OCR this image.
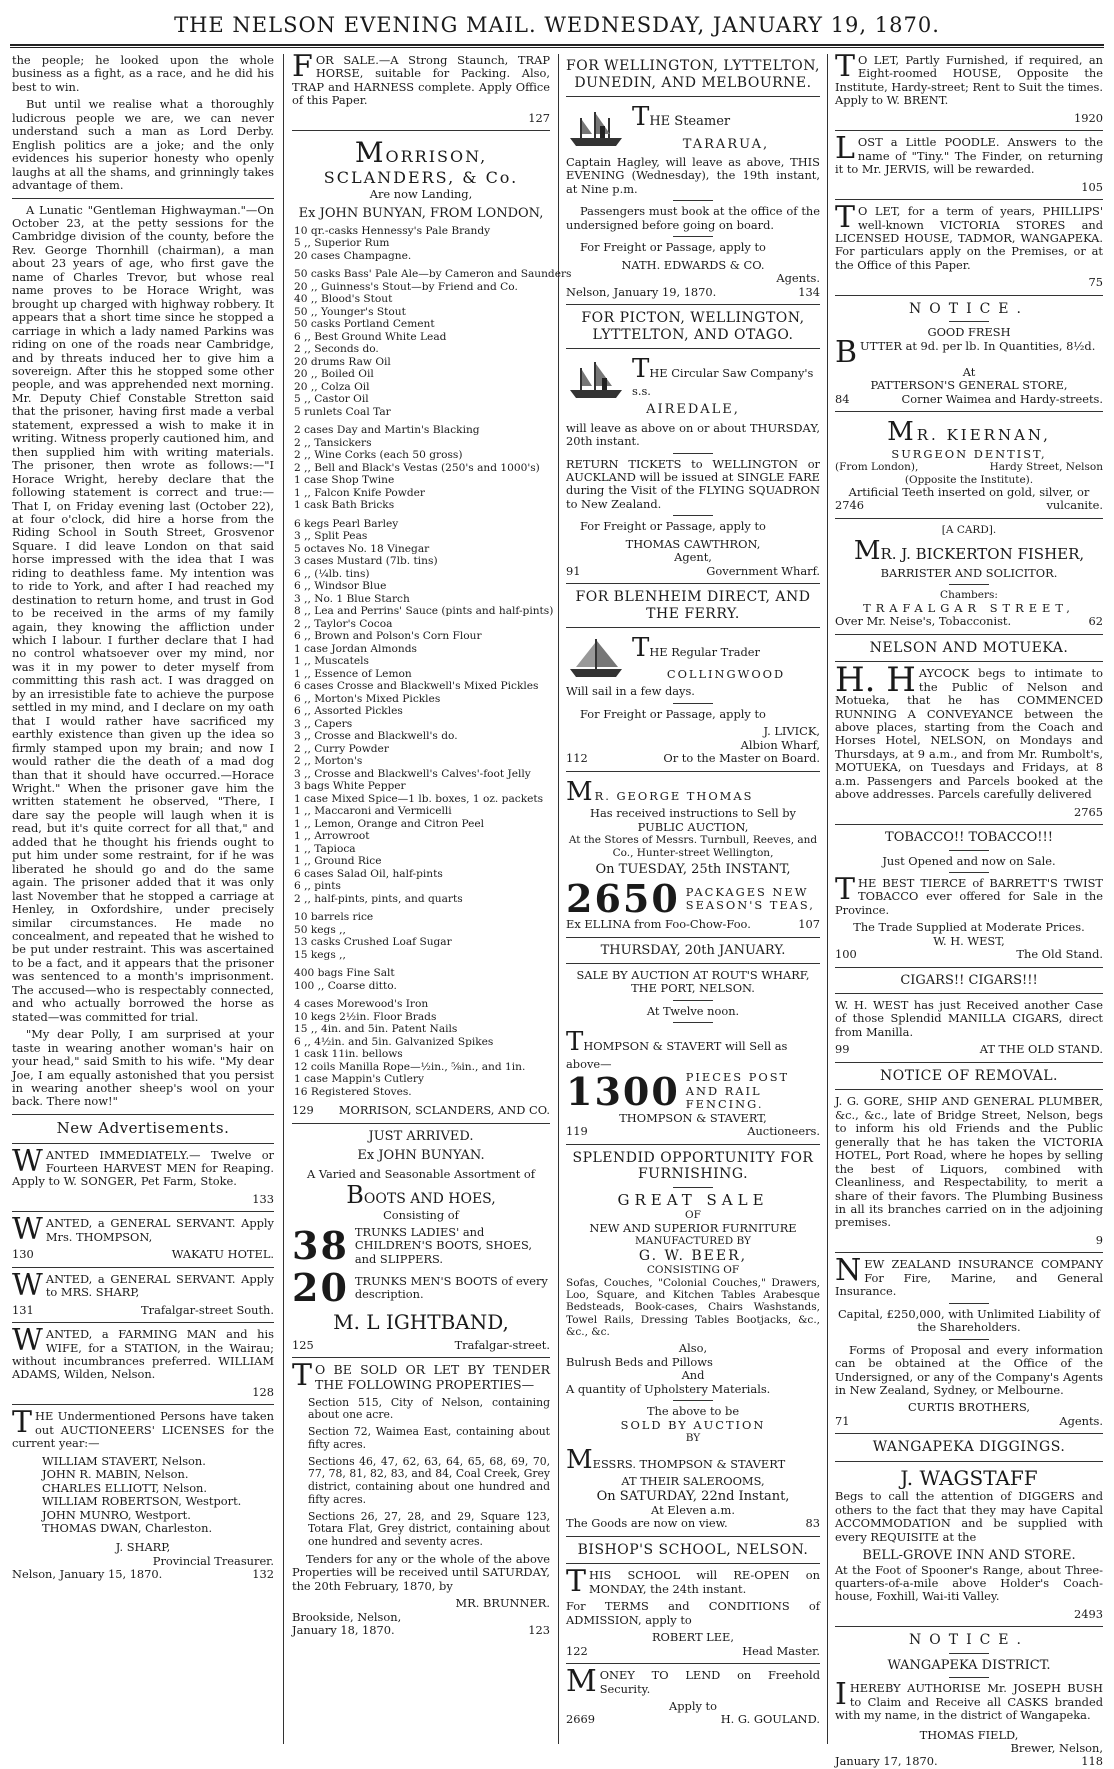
THE NELSON EVENING MAIL. WEDNESDAY, JANUARY 19, 1870.

the people; he looked upon the whole business as a fight, as a race, and he did his best to win.

But until we realise what a thoroughly ludicrous people we are, we can never understand such a man as Lord Derby. English politics are a joke; and the only evidences his superior honesty who openly laughs at all the shams, and grinningly takes advantage of them.

A Lunatic "Gentleman Highwayman."—On October 23, at the petty sessions for the Cambridge division of the county, before the Rev. George Thornhill (chairman), a man about 23 years of age, who first gave the name of Charles Trevor, but whose real name proves to be Horace Wright, was brought up charged with highway robbery. It appears that a short time since he stopped a carriage in which a lady named Parkins was riding on one of the roads near Cambridge, and by threats induced her to give him a sovereign. After this he stopped some other people, and was apprehended next morning. Mr. Deputy Chief Constable Stretton said that the prisoner, having first made a verbal statement, expressed a wish to make it in writing. Witness properly cautioned him, and then supplied him with writing materials. The prisoner, then wrote as follows:—"I Horace Wright, hereby declare that the following statement is correct and true:—That I, on Friday evening last (October 22), at four o'clock, did hire a horse from the Riding School in South Street, Grosvenor Square. I did leave London on that said horse impressed with the idea that I was riding to deathless fame. My intention was to ride to York, and after I had reached my destination to return home, and trust in God to be received in the arms of my family again, they knowing the affliction under which I labour. I further declare that I had no control whatsoever over my mind, nor was it in my power to deter myself from committing this rash act. I was dragged on by an irresistible fate to achieve the purpose settled in my mind, and I declare on my oath that I would rather have sacrificed my earthly existence than given up the idea so firmly stamped upon my brain; and now I would rather die the death of a mad dog than that it should have occurred.—Horace Wright." When the prisoner gave him the written statement he observed, "There, I dare say the people will laugh when it is read, but it's quite correct for all that," and added that he thought his friends ought to put him under some restraint, for if he was liberated he should go and do the same again. The prisoner added that it was only last November that he stopped a carriage at Henley, in Oxfordshire, under precisely similar circumstances. He made no concealment, and repeated that he wished to be put under restraint. This was ascertained to be a fact, and it appears that the prisoner was sentenced to a month's imprisonment. The accused—who is respectably connected, and who actually borrowed the horse as stated—was committed for trial.

"My dear Polly, I am surprised at your taste in wearing another woman's hair on your head," said Smith to his wife. "My dear Joe, I am equally astonished that you persist in wearing another sheep's wool on your back. There now!"

New Advertisements.
W ANTED IMMEDIATELY.— Twelve or Fourteen HARVEST MEN for Reaping. Apply to W. SONGER, Pet Farm, Stoke.

133
W ANTED, a GENERAL SERVANT. Apply Mrs. THOMPSON,

130	WAKATU HOTEL.
W ANTED, a GENERAL SERVANT. Apply to MRS. SHARP,

131	Trafalgar-street South.
W ANTED, a FARMING MAN and his WIFE, for a STATION, in the Wairau; without incumbrances preferred. WILLIAM ADAMS, Wilden, Nelson.

128
T HE Undermentioned Persons have taken out AUCTIONEERS' LICENSES for the current year:—

WILLIAM STAVERT, Nelson.
JOHN R. MABIN, Nelson.
CHARLES ELLIOTT, Nelson.
WILLIAM ROBERTSON, Westport.
JOHN MUNRO, Westport.
THOMAS DWAN, Charleston.
J. SHARP,
Provincial Treasurer.
Nelson, January 15, 1870.	132
F OR SALE.—A Strong Staunch, TRAP HORSE, suitable for Packing. Also, TRAP and HARNESS complete. Apply Office of this Paper.

127
MORRISON, SCLANDERS, & Co.
Are now Landing,
Ex JOHN BUNYAN, FROM LONDON,
10 qr.-casks Hennessy's Pale Brandy
5 ,, Superior Rum
20 cases Champagne.
50 casks Bass' Pale Ale—by Cameron and Saunders
20 ,, Guinness's Stout—by Friend and Co.
40 ,, Blood's Stout
50 ,, Younger's Stout
50 casks Portland Cement
6 ,, Best Ground White Lead
2 ,, Seconds do.
20 drums Raw Oil
20 ,, Boiled Oil
20 ,, Colza Oil
5 ,, Castor Oil
5 runlets Coal Tar
2 cases Day and Martin's Blacking
2 ,, Tansickers
2 ,, Wine Corks (each 50 gross)
2 ,, Bell and Black's Vestas (250's and 1000's)
1 case Shop Twine
1 ,, Falcon Knife Powder
1 cask Bath Bricks
6 kegs Pearl Barley
3 ,, Split Peas
5 octaves No. 18 Vinegar
3 cases Mustard (7lb. tins)
6 ,, (¼lb. tins)
6 ,, Windsor Blue
3 ,, No. 1 Blue Starch
8 ,, Lea and Perrins' Sauce (pints and half-pints)
2 ,, Taylor's Cocoa
6 ,, Brown and Polson's Corn Flour
1 case Jordan Almonds
1 ,, Muscatels
1 ,, Essence of Lemon
6 cases Crosse and Blackwell's Mixed Pickles
6 ,, Morton's Mixed Pickles
6 ,, Assorted Pickles
3 ,, Capers
3 ,, Crosse and Blackwell's do.
2 ,, Curry Powder
2 ,, Morton's
3 ,, Crosse and Blackwell's Calves'-foot Jelly
3 bags White Pepper
1 case Mixed Spice—1 lb. boxes, 1 oz. packets
1 ,, Maccaroni and Vermicelli
1 ,, Lemon, Orange and Citron Peel
1 ,, Arrowroot
1 ,, Tapioca
1 ,, Ground Rice
6 cases Salad Oil, half-pints
6 ,, pints
2 ,, half-pints, pints, and quarts
10 barrels rice
50 kegs ,,
13 casks Crushed Loaf Sugar
15 kegs ,,
400 bags Fine Salt
100 ,, Coarse ditto.
4 cases Morewood's Iron
10 kegs 2½in. Floor Brads
15 ,, 4in. and 5in. Patent Nails
6 ,, 4½in. and 5in. Galvanized Spikes
1 cask 11in. bellows
12 coils Manilla Rope—½in., ⅝in., and 1in.
1 case Mappin's Cutlery
16 Registered Stoves.
129 MORRISON, SCLANDERS, AND CO.
JUST ARRIVED.
Ex JOHN BUNYAN.
A Varied and Seasonable Assortment of
BOOTS AND HOES,
Consisting of
38 TRUNKS LADIES' and CHILDREN'S BOOTS, SHOES, and SLIPPERS.
20 TRUNKS MEN'S BOOTS of every description.
M. L IGHTBAND,
125	Trafalgar-street.
T O BE SOLD OR LET BY TENDER THE FOLLOWING PROPERTIES—

Section 515, City of Nelson, containing about one acre.

Section 72, Waimea East, containing about fifty acres.

Sections 46, 47, 62, 63, 64, 65, 68, 69, 70, 77, 78, 81, 82, 83, and 84, Coal Creek, Grey district, containing about one hundred and fifty acres.

Sections 26, 27, 28, and 29, Square 123, Totara Flat, Grey district, containing about one hundred and seventy acres.

Tenders for any or the whole of the above Properties will be received until SATURDAY, the 20th February, 1870, by

MR. BRUNNER.
Brookside, Nelson,
January 18, 1870.	123
FOR WELLINGTON, LYTTELTON, DUNEDIN, AND MELBOURNE.
THE Steamer
TARARUA,

Captain Hagley, will leave as above, THIS EVENING (Wednesday), the 19th instant, at Nine p.m.

Passengers must book at the office of the undersigned before going on board.

For Freight or Passage, apply to

NATH. EDWARDS & CO.
Agents.
Nelson, January 19, 1870.	134
FOR PICTON, WELLINGTON, LYTTELTON, AND OTAGO.
THE Circular Saw Company's s.s.
AIREDALE,

will leave as above on or about THURSDAY, 20th instant.

RETURN TICKETS to WELLINGTON or AUCKLAND will be issued at SINGLE FARE during the Visit of the FLYING SQUADRON to New Zealand.

For Freight or Passage, apply to

THOMAS CAWTHRON,
Agent,
91	Government Wharf.
FOR BLENHEIM DIRECT, AND THE FERRY.
THE Regular Trader
COLLINGWOOD

Will sail in a few days.

For Freight or Passage, apply to

J. LIVICK,
Albion Wharf,
112	Or to the Master on Board.
MR. GEORGE THOMAS
Has received instructions to Sell by
PUBLIC AUCTION,
At the Stores of Messrs. Turnbull, Reeves, and Co., Hunter-street Wellington,
On TUESDAY, 25th INSTANT,
2650 PACKAGES NEW SEASON'S TEAS,
Ex ELLINA from Foo-Chow-Foo.	107
THURSDAY, 20th JANUARY.
SALE BY AUCTION AT ROUT'S WHARF, THE PORT, NELSON.
At Twelve noon.
THOMPSON & STAVERT will Sell as above—
1300 PIECES POST AND RAIL FENCING.
THOMPSON & STAVERT,
119	Auctioneers.
SPLENDID OPPORTUNITY FOR FURNISHING.
GREAT SALE
OF
NEW AND SUPERIOR FURNITURE
MANUFACTURED BY
G. W. BEER,
CONSISTING OF

Sofas, Couches, "Colonial Couches," Drawers, Loo, Square, and Kitchen Tables Arabesque Bedsteads, Book-cases, Chairs Washstands, Towel Rails, Dressing Tables Bootjacks, &c., &c., &c.

Also,
Bulrush Beds and Pillows
And
A quantity of Upholstery Materials.
The above to be
SOLD BY AUCTION
BY
MESSRS. THOMPSON & STAVERT
AT THEIR SALEROOMS,
On SATURDAY, 22nd Instant,
At Eleven a.m.
The Goods are now on view.	83
BISHOP'S SCHOOL, NELSON.
T HIS SCHOOL will RE-OPEN on MONDAY, the 24th instant.

For TERMS and CONDITIONS of ADMISSION, apply to

ROBERT LEE,
122	Head Master.
M ONEY TO LEND on Freehold Security.

Apply to
2669	H. G. GOULAND.
T O LET, Partly Furnished, if required, an Eight-roomed HOUSE, Opposite the Institute, Hardy-street; Rent to Suit the times. Apply to W. BRENT.

1920
L OST a Little POODLE. Answers to the name of "Tiny." The Finder, on returning it to Mr. JERVIS, will be rewarded.

105
T O LET, for a term of years, PHILLIPS' well-known VICTORIA STORES and LICENSED HOUSE, TADMOR, WANGAPEKA. For particulars apply on the Premises, or at the Office of this Paper.

75
NOTICE.
GOOD FRESH
B UTTER at 9d. per lb. In Quantities, 8½d.

At
PATTERSON'S GENERAL STORE,
84	Corner Waimea and Hardy-streets.
MR. KIERNAN,
SURGEON DENTIST,
(From London),	Hardy Street, Nelson
(Opposite the Institute).
Artificial Teeth inserted on gold, silver, or
2746	vulcanite.
[A CARD].
MR. J. BICKERTON FISHER,
BARRISTER AND SOLICITOR.
Chambers:
TRAFALGAR STREET,
Over Mr. Neise's, Tobacconist.	62
NELSON AND MOTUEKA.
H. H AYCOCK begs to intimate to the Public of Nelson and Motueka, that he has COMMENCED RUNNING A CONVEYANCE between the above places, starting from the Coach and Horses Hotel, NELSON, on Mondays and Thursdays, at 9 a.m., and from Mr. Rumbolt's, MOTUEKA, on Tuesdays and Fridays, at 8 a.m. Passengers and Parcels booked at the above addresses. Parcels carefully delivered

2765
TOBACCO!! TOBACCO!!!
Just Opened and now on Sale.
T HE BEST TIERCE of BARRETT'S TWIST TOBACCO ever offered for Sale in the Province.

The Trade Supplied at Moderate Prices.
W. H. WEST,
100	The Old Stand.
CIGARS!! CIGARS!!!

W. H. WEST has just Received another Case of those Splendid MANILLA CIGARS, direct from Manilla.

99	AT THE OLD STAND.
NOTICE OF REMOVAL.

J. G. GORE, SHIP AND GENERAL PLUMBER, &c., &c., late of Bridge Street, Nelson, begs to inform his old Friends and the Public generally that he has taken the VICTORIA HOTEL, Port Road, where he hopes by selling the best of Liquors, combined with Cleanliness, and Respectability, to merit a share of their favors. The Plumbing Business in all its branches carried on in the adjoining premises.

9
N EW ZEALAND INSURANCE COMPANY For Fire, Marine, and General Insurance.

Capital, £250,000, with Unlimited Liability of the Shareholders.

Forms of Proposal and every information can be obtained at the Office of the Undersigned, or any of the Company's Agents in New Zealand, Sydney, or Melbourne.

CURTIS BROTHERS,
71	Agents.
WANGAPEKA DIGGINGS.
J. WAGSTAFF

Begs to call the attention of DIGGERS and others to the fact that they may have Capital ACCOMMODATION and be supplied with every REQUISITE at the

BELL-GROVE INN AND STORE.

At the Foot of Spooner's Range, about Three-quarters-of-a-mile above Holder's Coach-house, Foxhill, Wai-iti Valley.

2493
NOTICE.
WANGAPEKA DISTRICT.
I HEREBY AUTHORISE Mr. JOSEPH BUSH to Claim and Receive all CASKS branded with my name, in the district of Wangapeka.

THOMAS FIELD,
Brewer, Nelson,
January 17, 1870.	118
